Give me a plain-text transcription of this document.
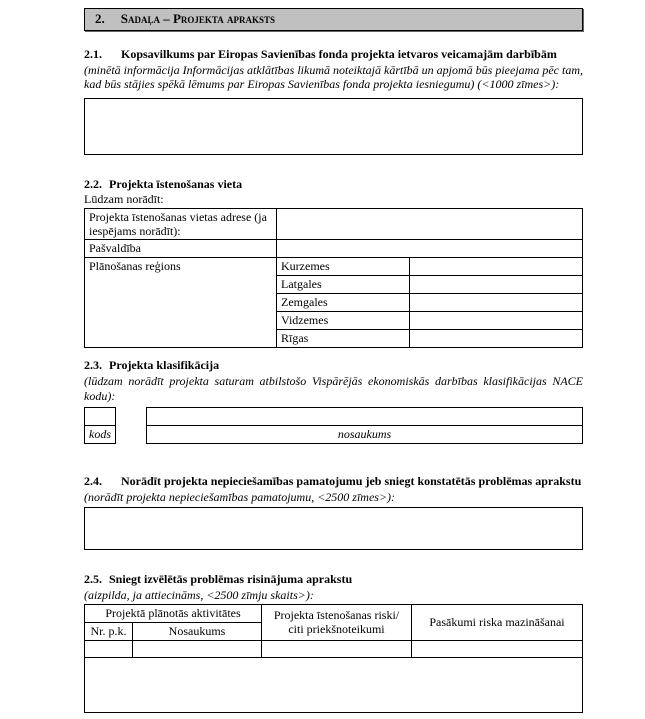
2. Sadaļa – Projekta apraksts
2.1.	Kopsavilkums par Eiropas Savienības fonda projekta ietvaros veicamajām darbībām
(minētā informācija Informācijas atklātības likumā noteiktajā kārtībā un apjomā būs pieejama pēc tam, kad būs stājies spēkā lēmums par Eiropas Savienības fonda projekta iesniegumu) (<1000 zīmes>):
2.2. Projekta īstenošanas vieta
Lūdzam norādīt:
Projekta īstenošanas vietas adrese (ja iespējams norādīt):		
Pašvaldība		
Plānošanas reģions	Kurzemes	
	Latgales	
	Zemgales	
	Vidzemes	
	Rīgas	
2.3. Projekta klasifikācija
(lūdzam norādīt projekta saturam atbilstošo Vispārējās ekonomiskās darbības klasifikācijas NACE kodu):

kods	nosaukums
2.4.	Norādīt projekta nepieciešamības pamatojumu jeb sniegt konstatētās problēmas aprakstu
(norādīt projekta nepieciešamības pamatojumu, <2500 zīmes>):
2.5. Sniegt izvēlētās problēmas risinājuma aprakstu
(aizpilda, ja attiecināms, <2500 zīmju skaits>):
Projektā plānotās aktivitātes		Projekta īstenošanas riski/ citi priekšnoteikumi	Pasākumi riska mazināšanai
Nr. p.k.	Nosaukums		
